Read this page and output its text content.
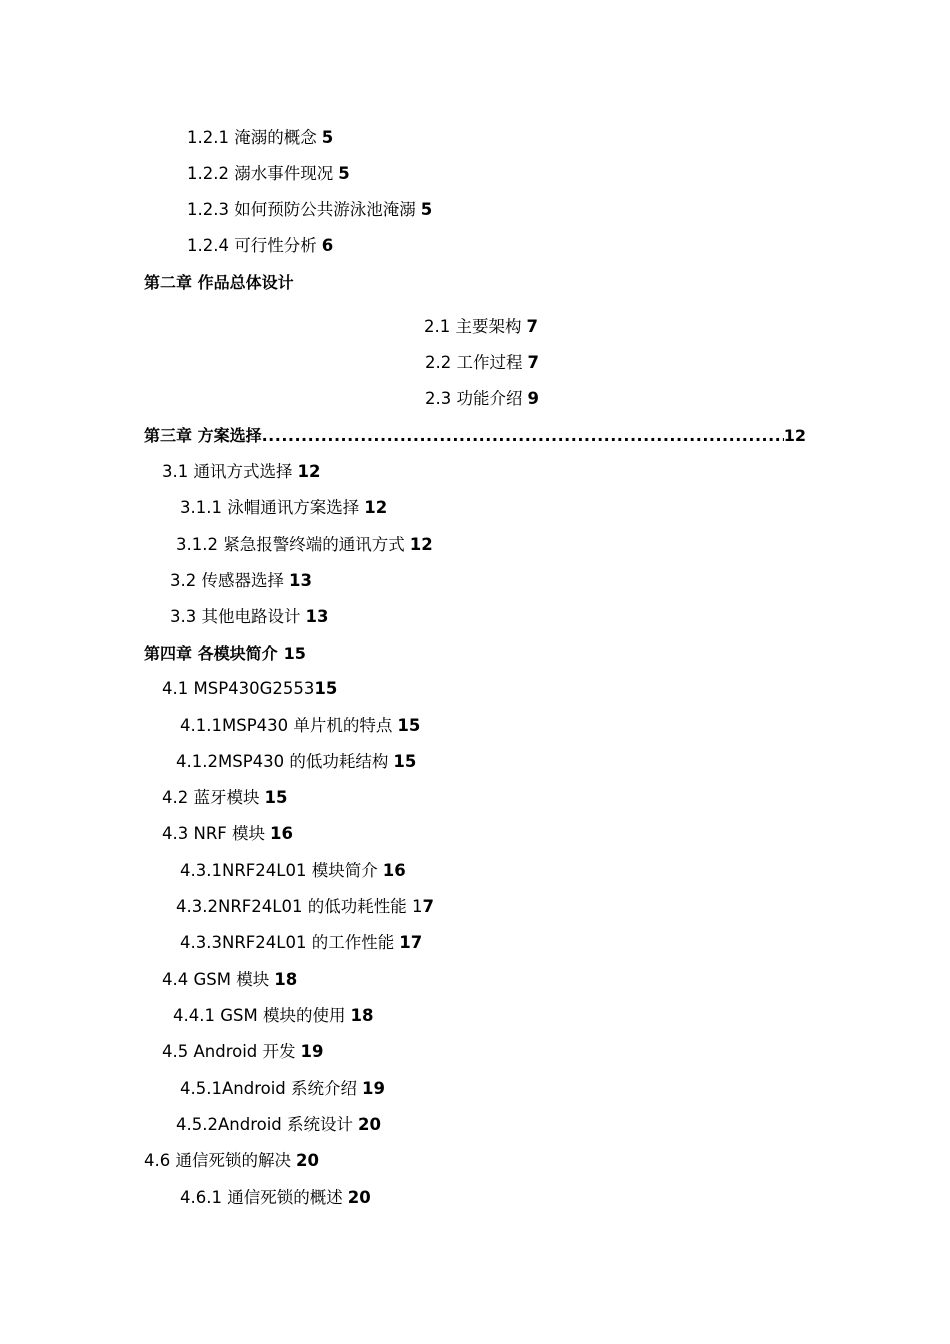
1.2.1 淹溺的概念 5
1.2.2 溺水事件现况 5
1.2.3 如何预防公共游泳池淹溺 5
1.2.4 可行性分析 6
第二章 作品总体设计
2.1 主要架构 7
2.2 工作过程 7
2.3 功能介绍 9
第三章 方案选择
.....	12
3.1 通讯方式选择 12
3.1.1 泳帽通讯方案选择 12
3.1.2 紧急报警终端的通讯方式 12
3.2 传感器选择 13
3.3 其他电路设计 13
第四章 各模块简介 15
4.1 MSP430G255315
4.1.1MSP430 单片机的特点 15
4.1.2MSP430 的低功耗结构 15
4.2 蓝牙模块 15
4.3 NRF 模块 16
4.3.1NRF24L01 模块简介 16
4.3.2NRF24L01 的低功耗性能 17
4.3.3NRF24L01 的工作性能 17
4.4 GSM 模块 18
4.4.1 GSM 模块的使用 18
4.5 Android 开发 19
4.5.1Android 系统介绍 19
4.5.2Android 系统设计 20
4.6 通信死锁的解决 20
4.6.1 通信死锁的概述 20
